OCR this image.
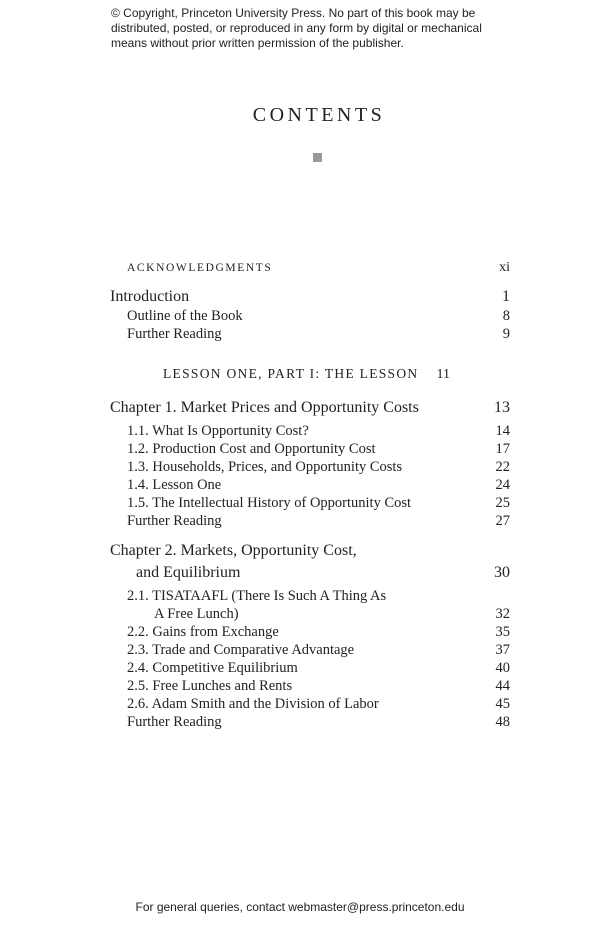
© Copyright, Princeton University Press. No part of this book may be
distributed, posted, or reproduced in any form by digital or mechanical
means without prior written permission of the publisher.
CONTENTS
ACKNOWLEDGMENTS	xi
Introduction	1
Outline of the Book	8
Further Reading	9
LESSON ONE, PART I: THE LESSON 11
Chapter 1. Market Prices and Opportunity Costs	13
1.1. What Is Opportunity Cost?	14
1.2. Production Cost and Opportunity Cost	17
1.3. Households, Prices, and Opportunity Costs	22
1.4. Lesson One	24
1.5. The Intellectual History of Opportunity Cost	25
Further Reading	27
Chapter 2. Markets, Opportunity Cost,
and Equilibrium	30
2.1. TISATAAFL (There Is Such A Thing As
A Free Lunch)	32
2.2. Gains from Exchange	35
2.3. Trade and Comparative Advantage	37
2.4. Competitive Equilibrium	40
2.5. Free Lunches and Rents	44
2.6. Adam Smith and the Division of Labor	45
Further Reading	48
For general queries, contact webmaster@press.princeton.edu
